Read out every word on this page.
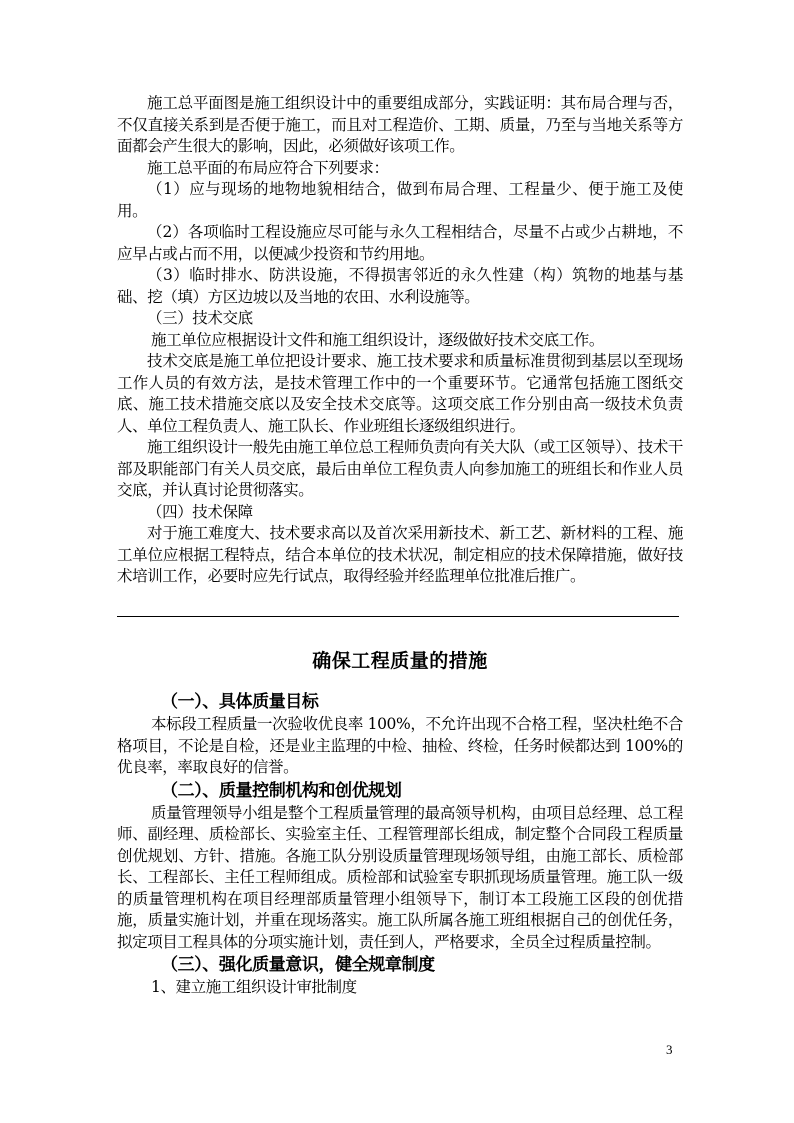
施工总平面图是施工组织设计中的重要组成部分，实践证明：其布局合理与否，不仅直接关系到是否便于施工，而且对工程造价、工期、质量，乃至与当地关系等方面都会产生很大的影响，因此，必须做好该项工作。

施工总平面的布局应符合下列要求：

（1）应与现场的地物地貌相结合，做到布局合理、工程量少、便于施工及使用。

（2）各项临时工程设施应尽可能与永久工程相结合，尽量不占或少占耕地，不应早占或占而不用，以便减少投资和节约用地。

（3）临时排水、防洪设施，不得损害邻近的永久性建（构）筑物的地基与基础、挖（填）方区边坡以及当地的农田、水利设施等。

（三）技术交底

施工单位应根据设计文件和施工组织设计，逐级做好技术交底工作。

技术交底是施工单位把设计要求、施工技术要求和质量标准贯彻到基层以至现场工作人员的有效方法，是技术管理工作中的一个重要环节。它通常包括施工图纸交底、施工技术措施交底以及安全技术交底等。这项交底工作分别由高一级技术负责人、单位工程负责人、施工队长、作业班组长逐级组织进行。

施工组织设计一般先由施工单位总工程师负责向有关大队（或工区领导）、技术干部及职能部门有关人员交底，最后由单位工程负责人向参加施工的班组长和作业人员交底，并认真讨论贯彻落实。

（四）技术保障

对于施工难度大、技术要求高以及首次采用新技术、新工艺、新材料的工程、施工单位应根据工程特点，结合本单位的技术状况，制定相应的技术保障措施，做好技术培训工作，必要时应先行试点，取得经验并经监理单位批准后推广。

确保工程质量的措施
（一）、具体质量目标

本标段工程质量一次验收优良率 100%，不允许出现不合格工程，坚决杜绝不合格项目，不论是自检，还是业主监理的中检、抽检、终检，任务时候都达到 100%的优良率，率取良好的信誉。

（二）、质量控制机构和创优规划

质量管理领导小组是整个工程质量管理的最高领导机构，由项目总经理、总工程师、副经理、质检部长、实验室主任、工程管理部长组成，制定整个合同段工程质量创优规划、方针、措施。各施工队分别设质量管理现场领导组，由施工部长、质检部长、工程部长、主任工程师组成。质检部和试验室专职抓现场质量管理。施工队一级的质量管理机构在项目经理部质量管理小组领导下，制订本工段施工区段的创优措施，质量实施计划，并重在现场落实。施工队所属各施工班组根据自己的创优任务，拟定项目工程具体的分项实施计划，责任到人，严格要求，全员全过程质量控制。

（三）、强化质量意识，健全规章制度

1、建立施工组织设计审批制度

3
